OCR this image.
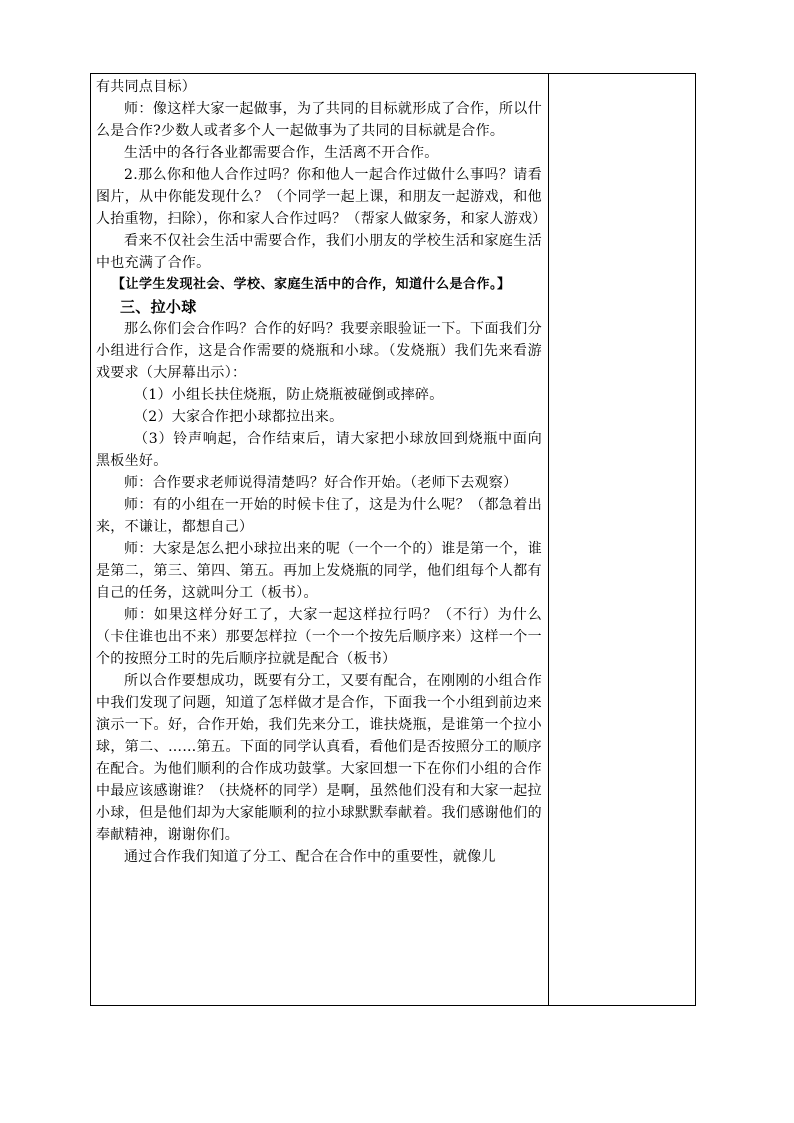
有共同点目标）

师：像这样大家一起做事，为了共同的目标就形成了合作，所以什么是合作?少数人或者多个人一起做事为了共同的目标就是合作。

生活中的各行各业都需要合作，生活离不开合作。

2.那么你和他人合作过吗？你和他人一起合作过做什么事吗？请看图片，从中你能发现什么？（个同学一起上课，和朋友一起游戏，和他人抬重物，扫除），你和家人合作过吗？（帮家人做家务，和家人游戏）

看来不仅社会生活中需要合作，我们小朋友的学校生活和家庭生活中也充满了合作。

【让学生发现社会、学校、家庭生活中的合作，知道什么是合作。】

三、拉小球

那么你们会合作吗？合作的好吗？我要亲眼验证一下。下面我们分小组进行合作，这是合作需要的烧瓶和小球。（发烧瓶）我们先来看游戏要求（大屏幕出示）：

（1）小组长扶住烧瓶，防止烧瓶被碰倒或摔碎。

（2）大家合作把小球都拉出来。

（3）铃声响起，合作结束后，请大家把小球放回到烧瓶中面向黑板坐好。

师：合作要求老师说得清楚吗？好合作开始。（老师下去观察）

师：有的小组在一开始的时候卡住了，这是为什么呢？（都急着出来，不谦让，都想自己）

师：大家是怎么把小球拉出来的呢（一个一个的）谁是第一个，谁是第二，第三、第四、第五。再加上发烧瓶的同学，他们组每个人都有自己的任务，这就叫分工（板书）。

师：如果这样分好工了，大家一起这样拉行吗？（不行）为什么（卡住谁也出不来）那要怎样拉（一个一个按先后顺序来）这样一个一个的按照分工时的先后顺序拉就是配合（板书）

所以合作要想成功，既要有分工，又要有配合，在刚刚的小组合作中我们发现了问题，知道了怎样做才是合作，下面我一个小组到前边来演示一下。好，合作开始，我们先来分工，谁扶烧瓶，是谁第一个拉小球，第二、……第五。下面的同学认真看，看他们是否按照分工的顺序在配合。为他们顺利的合作成功鼓掌。大家回想一下在你们小组的合作中最应该感谢谁？（扶烧杯的同学）是啊，虽然他们没有和大家一起拉小球，但是他们却为大家能顺利的拉小球默默奉献着。我们感谢他们的奉献精神，谢谢你们。

通过合作我们知道了分工、配合在合作中的重要性，就像儿
